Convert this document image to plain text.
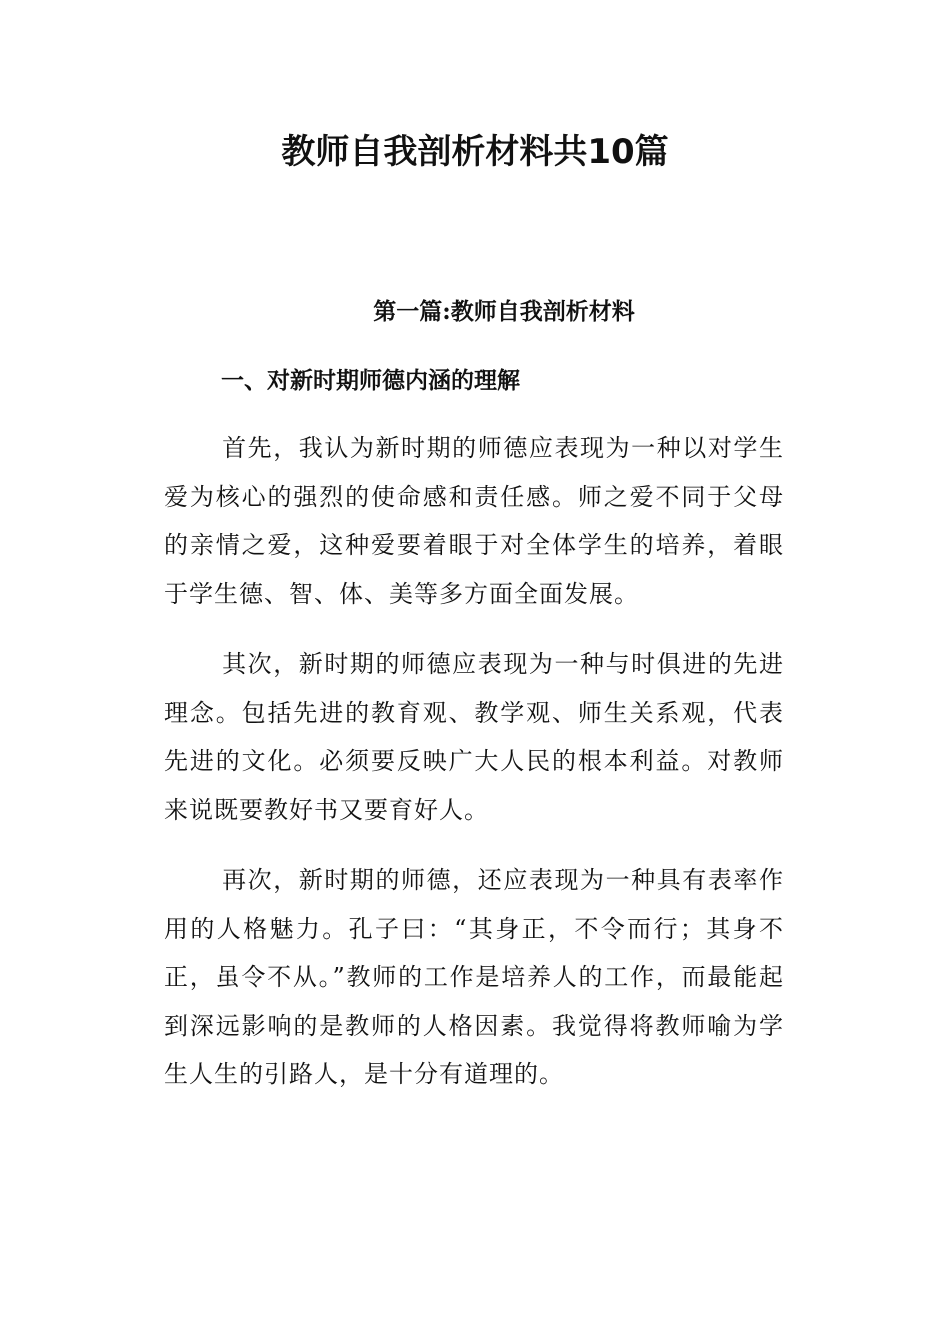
教师自我剖析材料共10篇
第一篇:教师自我剖析材料
一、对新时期师德内涵的理解

首先，我认为新时期的师德应表现为一种以对学生爱为核心的强烈的使命感和责任感。师之爱不同于父母的亲情之爱，这种爱要着眼于对全体学生的培养，着眼于学生德、智、体、美等多方面全面发展。

其次，新时期的师德应表现为一种与时俱进的先进理念。包括先进的教育观、教学观、师生关系观，代表先进的文化。必须要反映广大人民的根本利益。对教师来说既要教好书又要育好人。

再次，新时期的师德，还应表现为一种具有表率作用的人格魅力。孔子曰：“其身正，不令而行；其身不正，虽令不从。”教师的工作是培养人的工作，而最能起到深远影响的是教师的人格因素。我觉得将教师喻为学生人生的引路人，是十分有道理的。
